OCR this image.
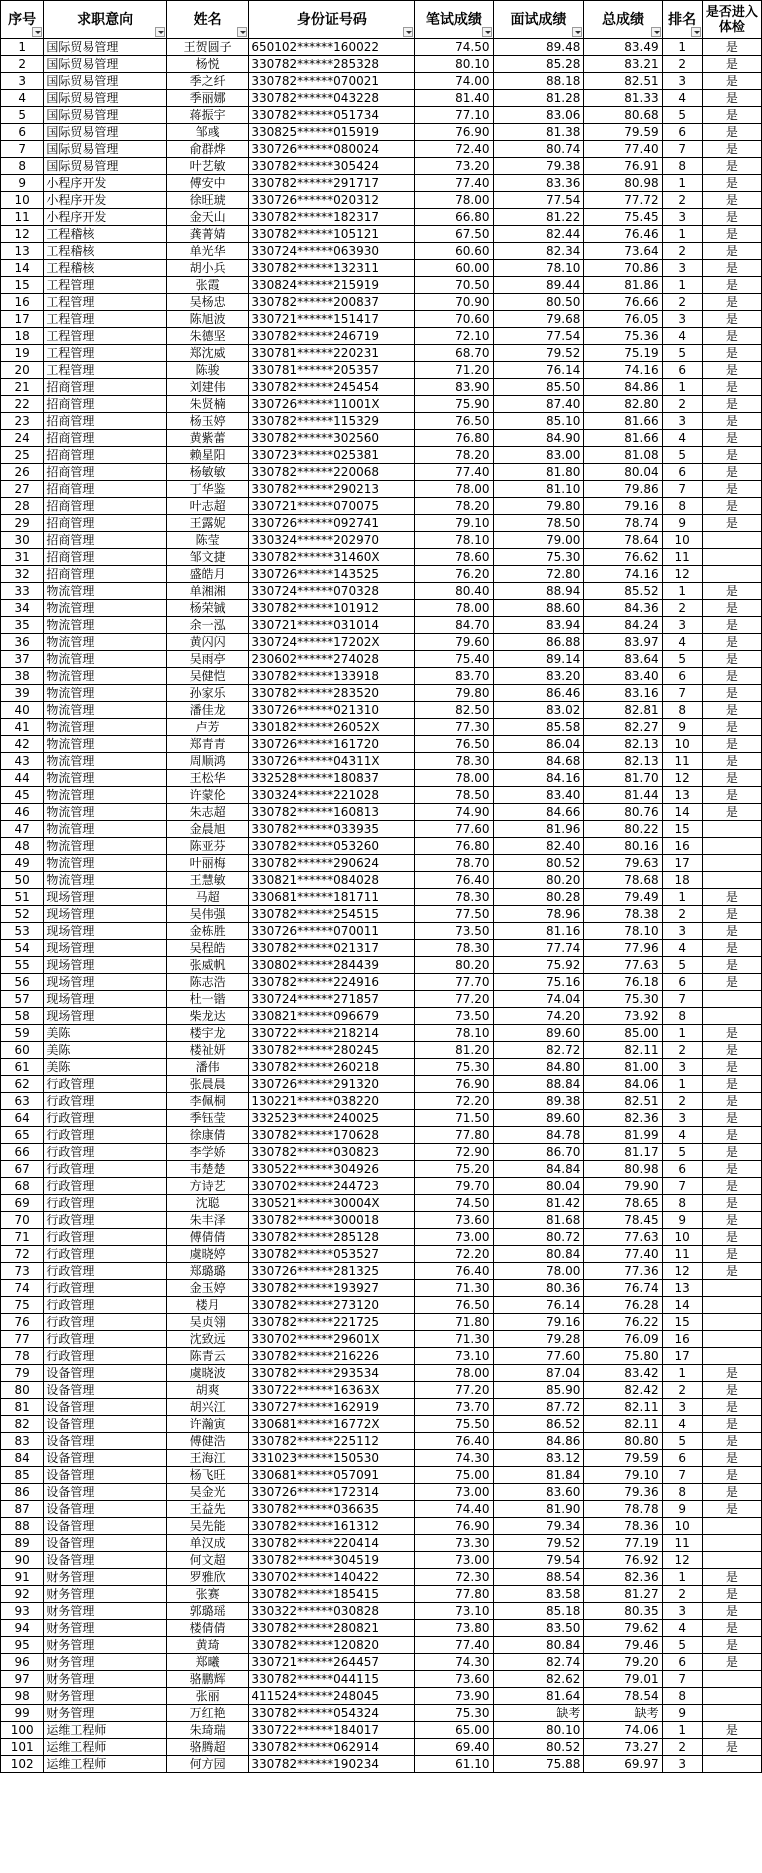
序号	求职意向	姓名	身份证号码	笔试成绩	面试成绩	总成绩	排名	是否进入体检
1	国际贸易管理	王贺圆子	650102******160022	74.50	89.48	83.49	1	是
2	国际贸易管理	杨悦	330782******285328	80.10	85.28	83.21	2	是
3	国际贸易管理	季之纤	330782******070021	74.00	88.18	82.51	3	是
4	国际贸易管理	季丽娜	330782******043228	81.40	81.28	81.33	4	是
5	国际贸易管理	蒋振宇	330782******051734	77.10	83.06	80.68	5	是
6	国际贸易管理	邹彧	330825******015919	76.90	81.38	79.59	6	是
7	国际贸易管理	俞群烨	330726******080024	72.40	80.74	77.40	7	是
8	国际贸易管理	叶艺敏	330782******305424	73.20	79.38	76.91	8	是
9	小程序开发	傅安中	330782******291717	77.40	83.36	80.98	1	是
10	小程序开发	徐旺琥	330726******020312	78.00	77.54	77.72	2	是
11	小程序开发	金天山	330782******182317	66.80	81.22	75.45	3	是
12	工程稽核	龚菁婧	330782******105121	67.50	82.44	76.46	1	是
13	工程稽核	单光华	330724******063930	60.60	82.34	73.64	2	是
14	工程稽核	胡小兵	330782******132311	60.00	78.10	70.86	3	是
15	工程管理	张霞	330824******215919	70.50	89.44	81.86	1	是
16	工程管理	吴杨忠	330782******200837	70.90	80.50	76.66	2	是
17	工程管理	陈旭波	330721******151417	70.60	79.68	76.05	3	是
18	工程管理	朱德坚	330782******246719	72.10	77.54	75.36	4	是
19	工程管理	郑沈威	330781******220231	68.70	79.52	75.19	5	是
20	工程管理	陈骏	330781******205357	71.20	76.14	74.16	6	是
21	招商管理	刘建伟	330782******245454	83.90	85.50	84.86	1	是
22	招商管理	朱贤楠	330726******11001X	75.90	87.40	82.80	2	是
23	招商管理	杨玉婷	330782******115329	76.50	85.10	81.66	3	是
24	招商管理	黄紫蕾	330782******302560	76.80	84.90	81.66	4	是
25	招商管理	赖星阳	330723******025381	78.20	83.00	81.08	5	是
26	招商管理	杨敏敏	330782******220068	77.40	81.80	80.04	6	是
27	招商管理	丁华鉴	330782******290213	78.00	81.10	79.86	7	是
28	招商管理	叶志超	330721******070075	78.20	79.80	79.16	8	是
29	招商管理	王露妮	330726******092741	79.10	78.50	78.74	9	是
30	招商管理	陈莹	330324******202970	78.10	79.00	78.64	10	
31	招商管理	邹文捷	330782******31460X	78.60	75.30	76.62	11	
32	招商管理	盛皓月	330726******143525	76.20	72.80	74.16	12	
33	物流管理	单湘湘	330724******070328	80.40	88.94	85.52	1	是
34	物流管理	杨荣铖	330782******101912	78.00	88.60	84.36	2	是
35	物流管理	余一泓	330721******031014	84.70	83.94	84.24	3	是
36	物流管理	黄闪闪	330724******17202X	79.60	86.88	83.97	4	是
37	物流管理	吴雨亭	230602******274028	75.40	89.14	83.64	5	是
38	物流管理	吴健恺	330782******133918	83.70	83.20	83.40	6	是
39	物流管理	孙家乐	330782******283520	79.80	86.46	83.16	7	是
40	物流管理	潘佳龙	330726******021310	82.50	83.02	82.81	8	是
41	物流管理	卢芳	330182******26052X	77.30	85.58	82.27	9	是
42	物流管理	郑青青	330726******161720	76.50	86.04	82.13	10	是
43	物流管理	周顺鸿	330726******04311X	78.30	84.68	82.13	11	是
44	物流管理	王松华	332528******180837	78.00	84.16	81.70	12	是
45	物流管理	许蒙伦	330324******221028	78.50	83.40	81.44	13	是
46	物流管理	朱志超	330782******160813	74.90	84.66	80.76	14	是
47	物流管理	金晨旭	330782******033935	77.60	81.96	80.22	15	
48	物流管理	陈亚芬	330782******053260	76.80	82.40	80.16	16	
49	物流管理	叶丽梅	330782******290624	78.70	80.52	79.63	17	
50	物流管理	王慧敏	330821******084028	76.40	80.20	78.68	18	
51	现场管理	马超	330681******181711	78.30	80.28	79.49	1	是
52	现场管理	吴伟强	330782******254515	77.50	78.96	78.38	2	是
53	现场管理	金栋胜	330726******070011	73.50	81.16	78.10	3	是
54	现场管理	吴程皓	330782******021317	78.30	77.74	77.96	4	是
55	现场管理	张威帆	330802******284439	80.20	75.92	77.63	5	是
56	现场管理	陈志浩	330782******224916	77.70	75.16	76.18	6	是
57	现场管理	杜一锴	330724******271857	77.20	74.04	75.30	7	
58	现场管理	柴龙达	330821******096679	73.50	74.20	73.92	8	
59	美陈	楼宇龙	330722******218214	78.10	89.60	85.00	1	是
60	美陈	楼祉妍	330782******280245	81.20	82.72	82.11	2	是
61	美陈	潘伟	330782******260218	75.30	84.80	81.00	3	是
62	行政管理	张晨晨	330726******291320	76.90	88.84	84.06	1	是
63	行政管理	李佩桐	130221******038220	72.20	89.38	82.51	2	是
64	行政管理	季钰莹	332523******240025	71.50	89.60	82.36	3	是
65	行政管理	徐康倩	330782******170628	77.80	84.78	81.99	4	是
66	行政管理	李学娇	330782******030823	72.90	86.70	81.17	5	是
67	行政管理	韦楚楚	330522******304926	75.20	84.84	80.98	6	是
68	行政管理	方诗艺	330702******244723	79.70	80.04	79.90	7	是
69	行政管理	沈聪	330521******30004X	74.50	81.42	78.65	8	是
70	行政管理	朱丰泽	330782******300018	73.60	81.68	78.45	9	是
71	行政管理	傅倩倩	330782******285128	73.00	80.72	77.63	10	是
72	行政管理	虞晓婷	330782******053527	72.20	80.84	77.40	11	是
73	行政管理	郑璐璐	330726******281325	76.40	78.00	77.36	12	是
74	行政管理	金玉婷	330782******193927	71.30	80.36	76.74	13	
75	行政管理	楼月	330782******273120	76.50	76.14	76.28	14	
76	行政管理	吴贞翎	330782******221725	71.80	79.16	76.22	15	
77	行政管理	沈致远	330702******29601X	71.30	79.28	76.09	16	
78	行政管理	陈青云	330782******216226	73.10	77.60	75.80	17	
79	设备管理	虞晓波	330782******293534	78.00	87.04	83.42	1	是
80	设备管理	胡爽	330722******16363X	77.20	85.90	82.42	2	是
81	设备管理	胡兴江	330727******162919	73.70	87.72	82.11	3	是
82	设备管理	许瀚寅	330681******16772X	75.50	86.52	82.11	4	是
83	设备管理	傅健浩	330782******225112	76.40	84.86	80.80	5	是
84	设备管理	王海江	331023******150530	74.30	83.12	79.59	6	是
85	设备管理	杨飞旺	330681******057091	75.00	81.84	79.10	7	是
86	设备管理	吴金光	330726******172314	73.00	83.60	79.36	8	是
87	设备管理	王益先	330782******036635	74.40	81.90	78.78	9	是
88	设备管理	吴先能	330782******161312	76.90	79.34	78.36	10	
89	设备管理	单汉成	330782******220414	73.30	79.52	77.19	11	
90	设备管理	何文超	330782******304519	73.00	79.54	76.92	12	
91	财务管理	罗雅欣	330702******140422	72.30	88.54	82.36	1	是
92	财务管理	张赛	330782******185415	77.80	83.58	81.27	2	是
93	财务管理	郭璐瑶	330322******030828	73.10	85.18	80.35	3	是
94	财务管理	楼倩倩	330782******280821	73.80	83.50	79.62	4	是
95	财务管理	黄琦	330782******120820	77.40	80.84	79.46	5	是
96	财务管理	郑曦	330721******264457	74.30	82.74	79.20	6	是
97	财务管理	骆鹏辉	330782******044115	73.60	82.62	79.01	7	
98	财务管理	张丽	411524******248045	73.90	81.64	78.54	8	
99	财务管理	万红艳	330782******054324	75.30	缺考	缺考	9	
100	运维工程师	朱琦瑞	330722******184017	65.00	80.10	74.06	1	是
101	运维工程师	骆腾超	330782******062914	69.40	80.52	73.27	2	是
102	运维工程师	何方园	330782******190234	61.10	75.88	69.97	3	
